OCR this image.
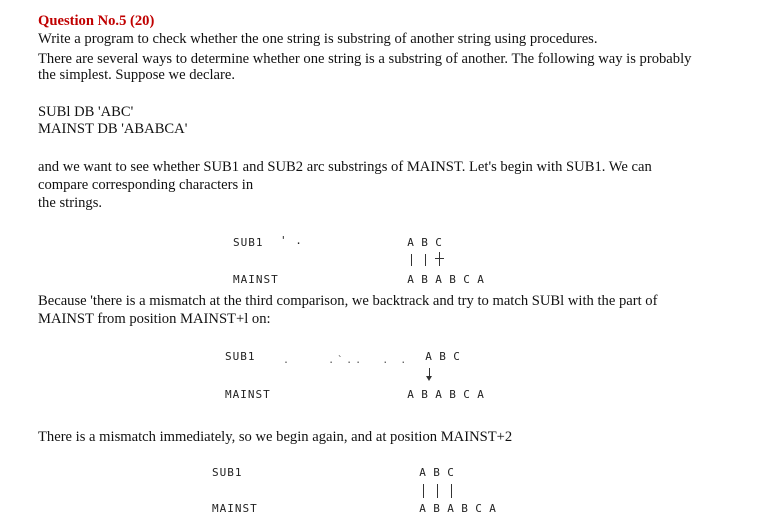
Question No.5 (20)
Write a program to check whether the one string is substring of another string using procedures.
There are several ways to determine whether one string is a substring of another. The following way is probably
the simplest. Suppose we declare.
SUBl DB 'ABC'
MAINST DB 'ABABCA'
and we want to see whether SUB1 and SUB2 arc substrings of MAINST. Let's begin with SUB1. We can
compare corresponding characters in
the strings.
SUB1 ' .	A B C
MAINST	A B A B C A
Because 'there is a mismatch at the third comparison, we backtrack and try to match SUBl with the part of
MAINST from position MAINST+l on:
SUB1	.    .`..  . . A B C
MAINST	A B A B C A
There is a mismatch immediately, so we begin again, and at position MAINST+2
SUB1	A B C
MAINST	A B A B C A
